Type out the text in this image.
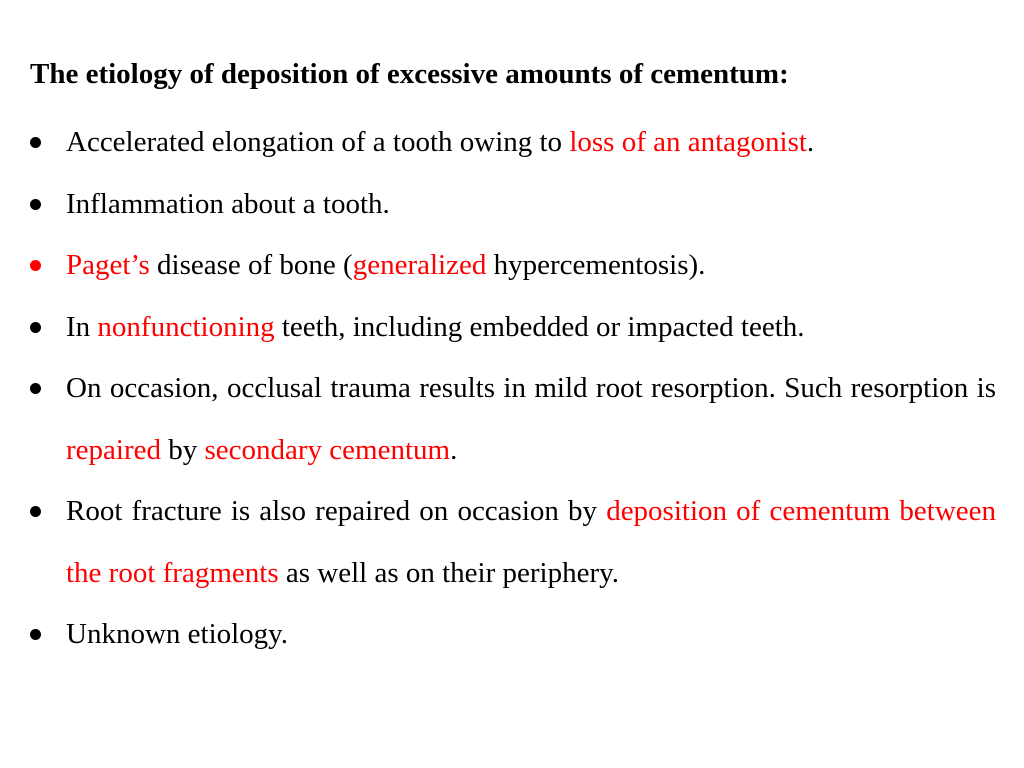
The etiology of deposition of excessive amounts of cementum:
Accelerated elongation of a tooth owing to loss of an antagonist.
Inflammation about a tooth.
Paget’s disease of bone (generalized hypercementosis).
In nonfunctioning teeth, including embedded or impacted teeth.
On occasion, occlusal trauma results in mild root resorption. Such resorption is repaired by secondary cementum.
Root fracture is also repaired on occasion by deposition of cementum between the root fragments as well as on their periphery.
Unknown etiology.
